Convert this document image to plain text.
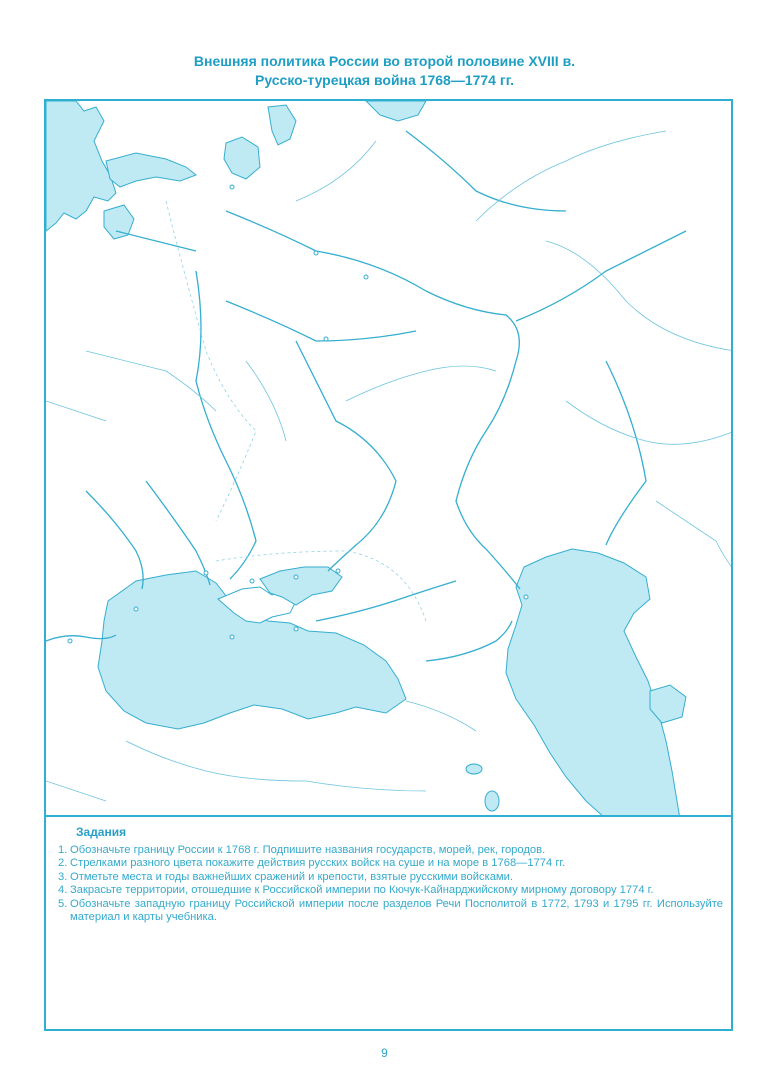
Внешняя политика России во второй половине XVIII в.
Русско-турецкая война 1768—1774 гг.
Задания
1. Обозначьте границу России к 1768 г. Подпишите названия государств, морей, рек, городов.
2. Стрелками разного цвета покажите действия русских войск на суше и на море в 1768—1774 гг.
3. Отметьте места и годы важнейших сражений и крепости, взятые русскими войсками.
4. Закрасьте территории, отошедшие к Российской империи по Кючук-Кайнарджийскому мирному договору 1774 г.
5. Обозначьте западную границу Российской империи после разделов Речи Посполитой в 1772, 1793 и 1795 гг. Используйте материал и карты учебника.
9
